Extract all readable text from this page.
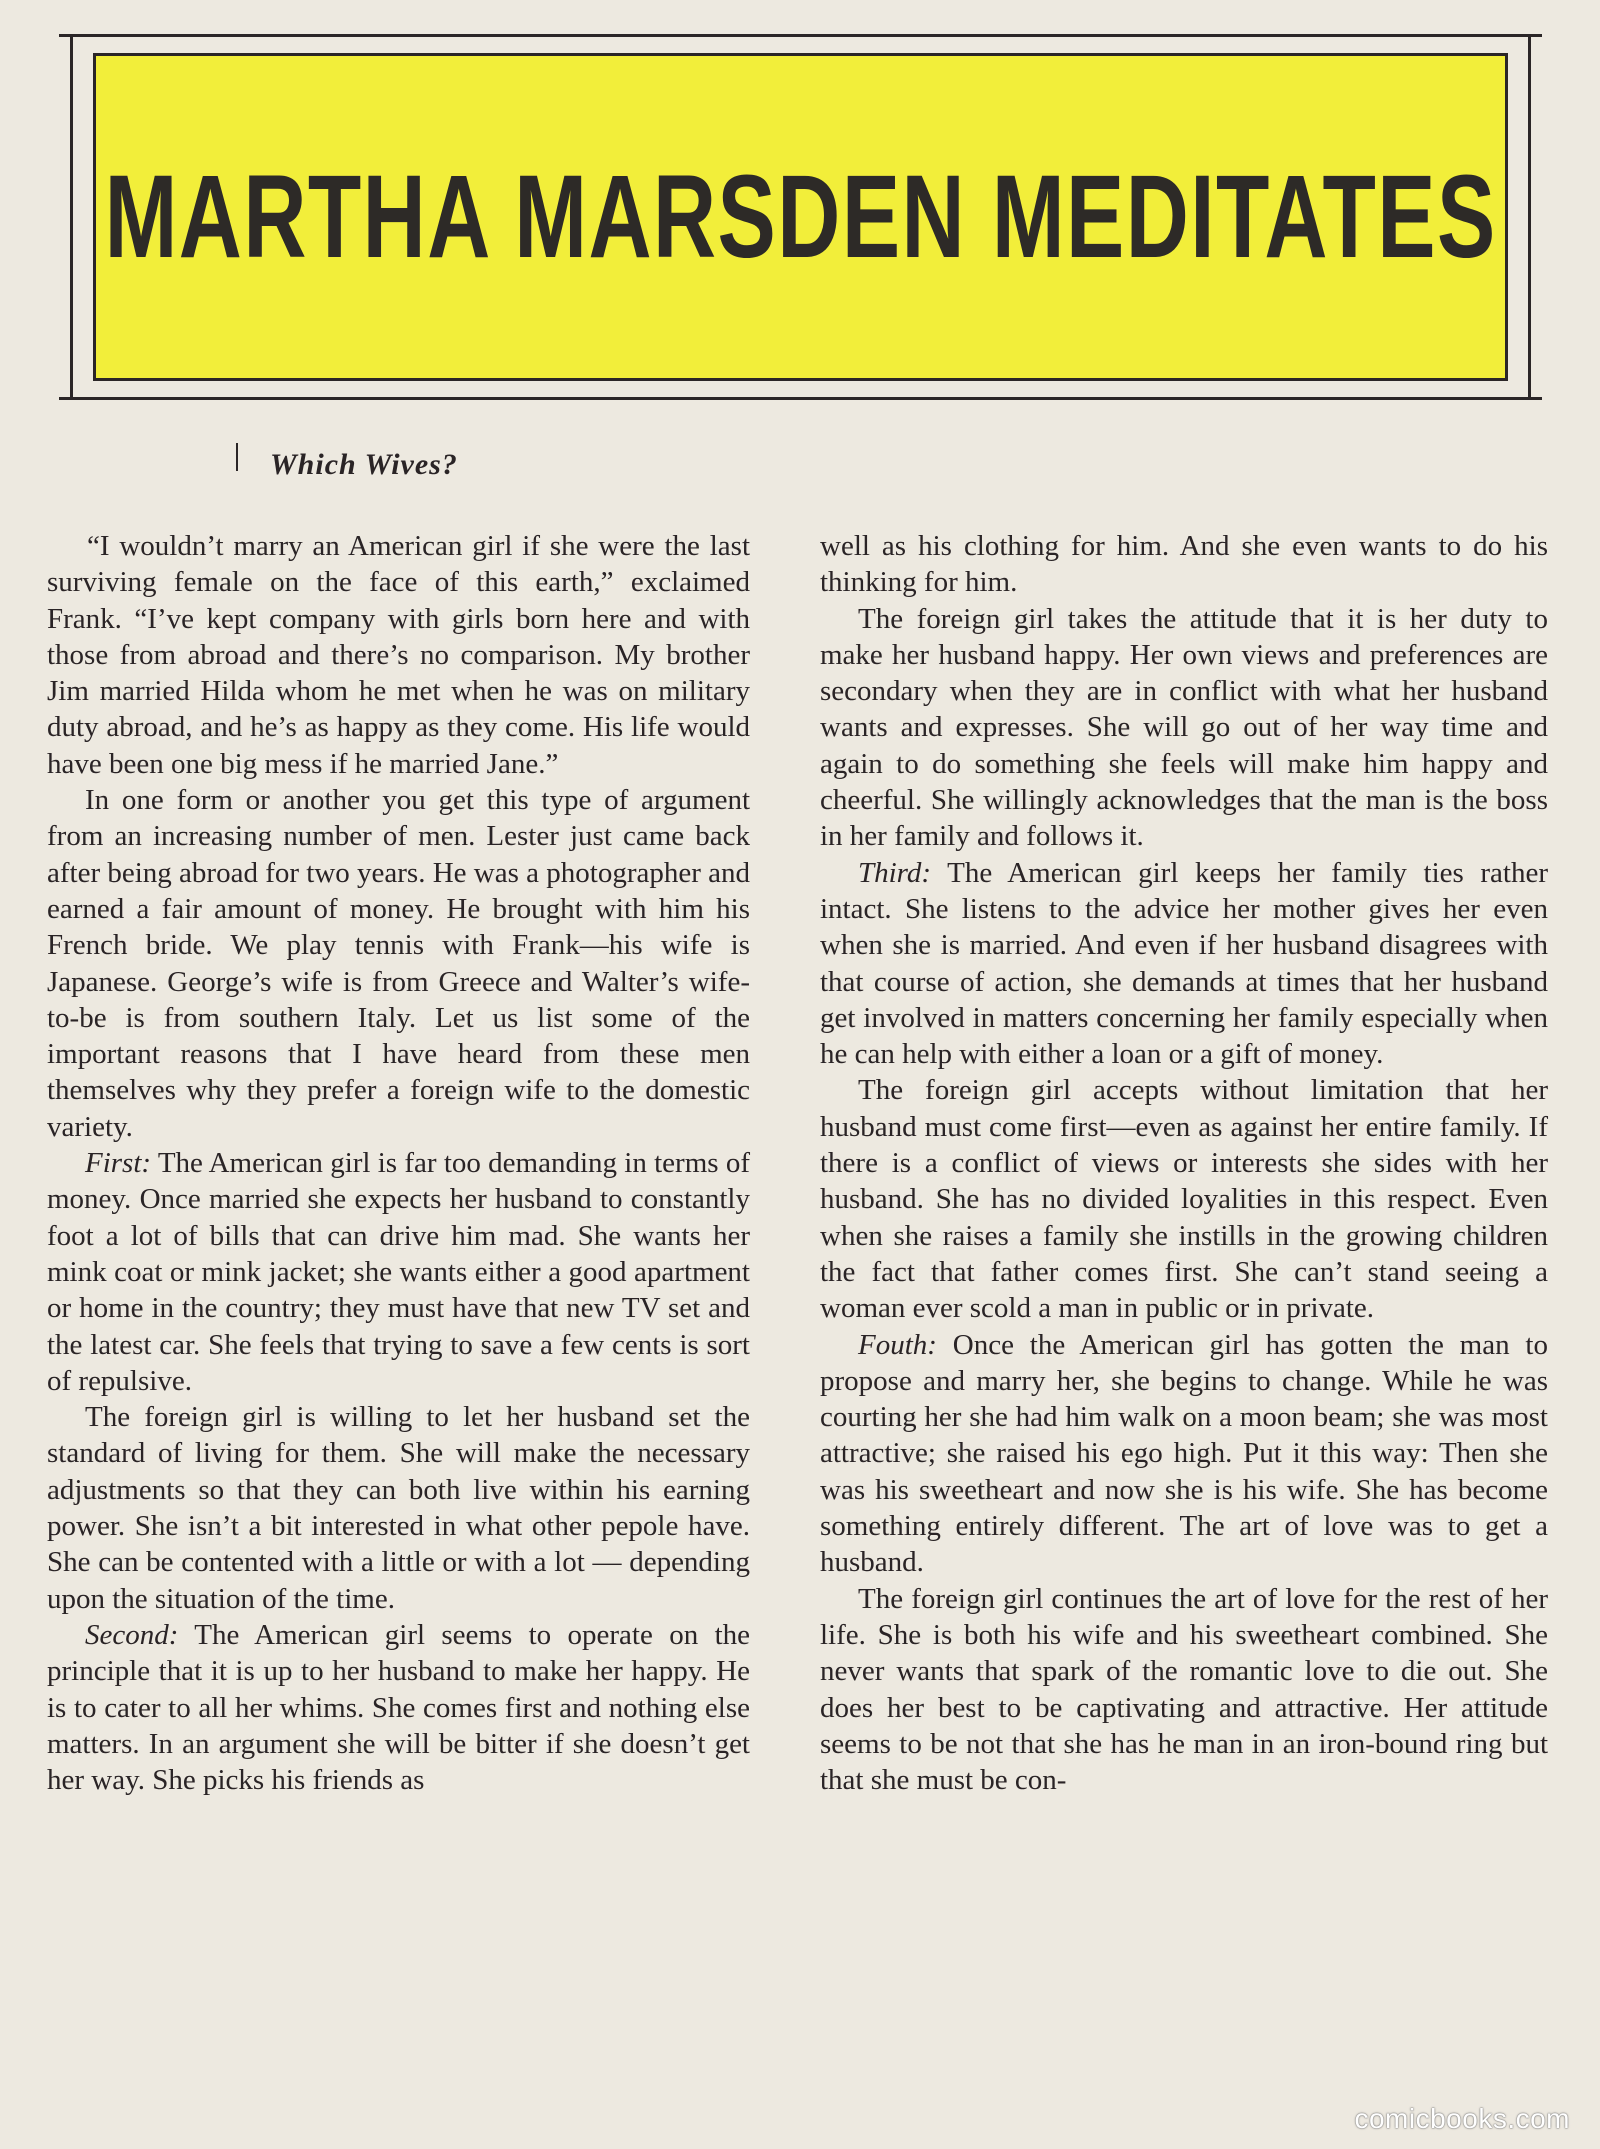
MARTHA MARSDEN MEDITATES
Which Wives?

“I wouldn’t marry an American girl if she were the last surviving female on the face of this earth,” exclaimed Frank. “I’ve kept company with girls born here and with those from abroad and there’s no comparison. My brother Jim married Hilda whom he met when he was on military duty abroad, and he’s as happy as they come. His life would have been one big mess if he married Jane.”

In one form or another you get this type of argument from an increasing number of men. Lester just came back after being abroad for two years. He was a photographer and earned a fair amount of money. He brought with him his French bride. We play tennis with Frank—his wife is Japanese. George’s wife is from Greece and Walter’s wife-to-be is from southern Italy. Let us list some of the important reasons that I have heard from these men themselves why they prefer a foreign wife to the domestic variety.

First: The American girl is far too demanding in terms of money. Once married she expects her husband to constantly foot a lot of bills that can drive him mad. She wants her mink coat or mink jacket; she wants either a good apartment or home in the country; they must have that new TV set and the latest car. She feels that trying to save a few cents is sort of repulsive.

The foreign girl is willing to let her husband set the standard of living for them. She will make the necessary adjustments so that they can both live within his earning power. She isn’t a bit interested in what other pepole have. She can be contented with a little or with a lot — depending upon the situation of the time.

Second: The American girl seems to operate on the principle that it is up to her husband to make her happy. He is to cater to all her whims. She comes first and nothing else matters. In an argument she will be bitter if she doesn’t get her way. She picks his friends as

well as his clothing for him. And she even wants to do his thinking for him.

The foreign girl takes the attitude that it is her duty to make her husband happy. Her own views and preferences are secondary when they are in conflict with what her husband wants and expresses. She will go out of her way time and again to do something she feels will make him happy and cheerful. She willingly acknowledges that the man is the boss in her family and follows it.

Third: The American girl keeps her family ties rather intact. She listens to the advice her mother gives her even when she is married. And even if her husband disagrees with that course of action, she demands at times that her husband get involved in matters concerning her family especially when he can help with either a loan or a gift of money.

The foreign girl accepts without limitation that her husband must come first—even as against her entire family. If there is a conflict of views or interests she sides with her husband. She has no divided loyalities in this respect. Even when she raises a family she instills in the growing children the fact that father comes first. She can’t stand seeing a woman ever scold a man in public or in private.

Fouth: Once the American girl has gotten the man to propose and marry her, she begins to change. While he was courting her she had him walk on a moon beam; she was most attractive; she raised his ego high. Put it this way: Then she was his sweetheart and now she is his wife. She has become something entirely different. The art of love was to get a husband.

The foreign girl continues the art of love for the rest of her life. She is both his wife and his sweetheart combined. She never wants that spark of the romantic love to die out. She does her best to be captivating and attractive. Her attitude seems to be not that she has he man in an iron-bound ring but that she must be con-

comicbooks.com
